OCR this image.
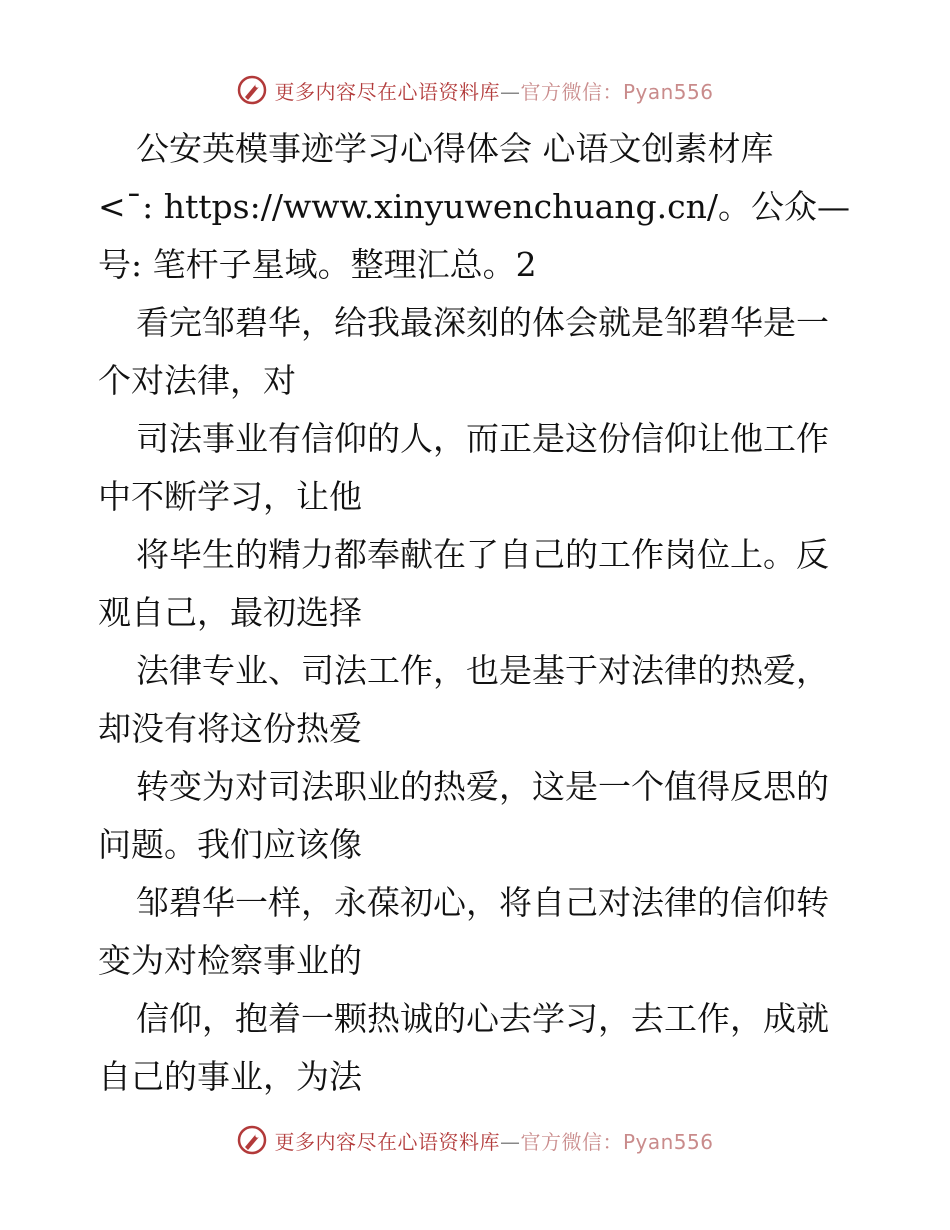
更多内容尽在心语资料库—官方微信：Pyan556
公安英模事迹学习心得体会 心语文创素材库
<¯: https://www.xinyuwenchuang.cn/。公众—
号: 笔杆子星域。整理汇总。2
看完邹碧华，给我最深刻的体会就是邹碧华是一
个对法律，对
司法事业有信仰的人，而正是这份信仰让他工作
中不断学习，让他
将毕生的精力都奉献在了自己的工作岗位上。反
观自己，最初选择
法律专业、司法工作，也是基于对法律的热爱，
却没有将这份热爱
转变为对司法职业的热爱，这是一个值得反思的
问题。我们应该像
邹碧华一样，永葆初心，将自己对法律的信仰转
变为对检察事业的
信仰，抱着一颗热诚的心去学习，去工作，成就
自己的事业，为法
更多内容尽在心语资料库—官方微信：Pyan556
